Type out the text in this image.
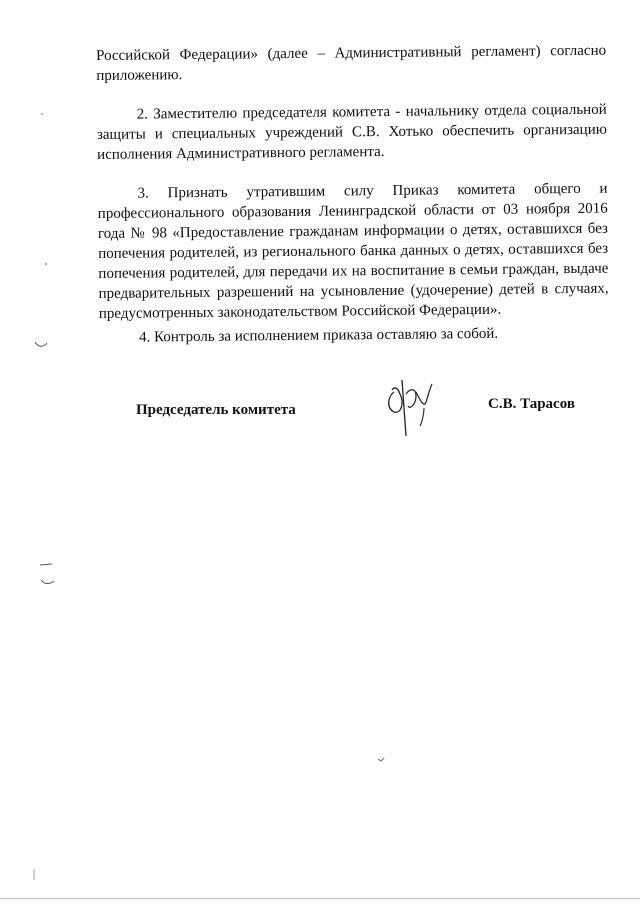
Российской Федерации» (далее – Административный регламент) согласно приложению.

2. Заместителю председателя комитета - начальнику отдела социальной защиты и специальных учреждений С.В. Хотько обеспечить организацию исполнения Административного регламента.

3. Признать утратившим силу Приказ комитета общего и профессионального образования Ленинградской области от 03 ноября 2016 года № 98 «Предоставление гражданам информации о детях, оставшихся без попечения родителей, из регионального банка данных о детях, оставшихся без попечения родителей, для передачи их на воспитание в семьи граждан, выдаче предварительных разрешений на усыновление (удочерение) детей в случаях, предусмотренных законодательством Российской Федерации».

4. Контроль за исполнением приказа оставляю за собой.

Председатель комитета	С.В. Тарасов
